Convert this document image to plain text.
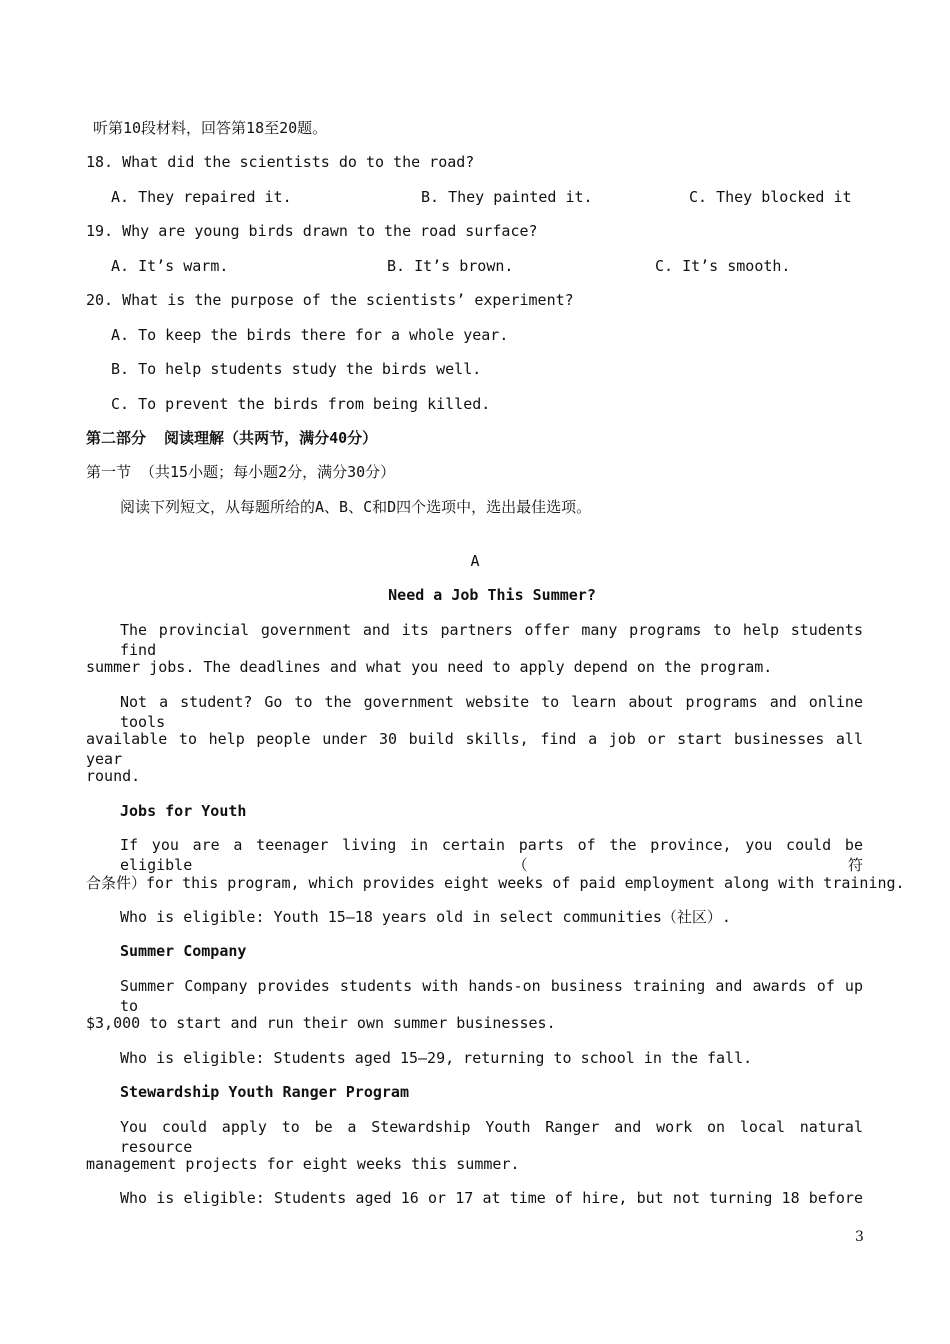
听第10段材料，回答第18至20题。
18. What did the scientists do to the road?
A. They repaired it.	B. They painted it.	C. They blocked it
19. Why are young birds drawn to the road surface?
A. It’s warm.	B. It’s brown.	C. It’s smooth.
20. What is the purpose of the scientists’ experiment?
A. To keep the birds there for a whole year.
B. To help students study the birds well.
C. To prevent the birds from being killed.
第二部分  阅读理解（共两节，满分40分）
第一节 （共15小题；每小题2分，满分30分）
阅读下列短文，从每题所给的A、B、C和D四个选项中，选出最佳选项。
A
Need a Job This Summer?
The provincial government and its partners offer many programs to help students find
summer jobs. The deadlines and what you need to apply depend on the program.
Not a student? Go to the government website to learn about programs and online tools
available to help people under 30 build skills, find a job or start businesses all year
round.
Jobs for Youth
If you are a teenager living in certain parts of the province, you could be eligible（符
合条件）for this program, which provides eight weeks of paid employment along with training.
Who is eligible: Youth 15—18 years old in select communities（社区）.
Summer Company
Summer Company provides students with hands-on business training and awards of up to
$3,000 to start and run their own summer businesses.
Who is eligible: Students aged 15—29, returning to school in the fall.
Stewardship Youth Ranger Program
You could apply to be a Stewardship Youth Ranger and work on local natural resource
management projects for eight weeks this summer.
Who is eligible: Students aged 16 or 17 at time of hire, but not turning 18 before
3
